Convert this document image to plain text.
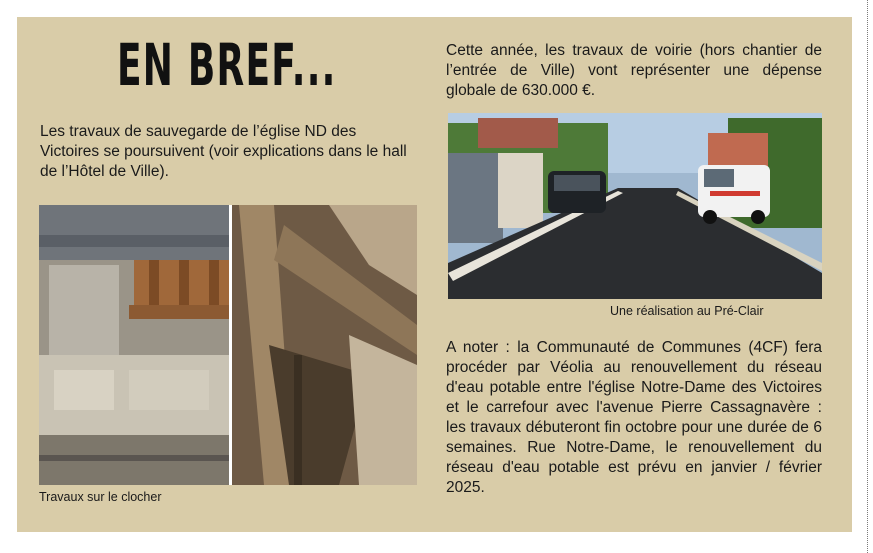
EN BREF...

Les travaux de sauvegarde de l’église ND des Victoires se poursuivent (voir explications dans le hall de l’Hôtel de Ville).

Travaux sur le clocher

Cette année, les travaux de voirie (hors chantier de l’entrée de Ville) vont représenter une dépense globale de 630.000 €.

Une réalisation au Pré-Clair

A noter : la Communauté de Communes (4CF) fera procéder par Véolia au renouvellement du réseau d'eau potable entre l'église Notre-Dame des Victoires et le carrefour avec l'avenue Pierre Cassagnavère : les travaux débuteront fin octobre pour une durée de 6 semaines. Rue Notre-Dame, le renouvellement du réseau d'eau potable est prévu en janvier / février 2025.
